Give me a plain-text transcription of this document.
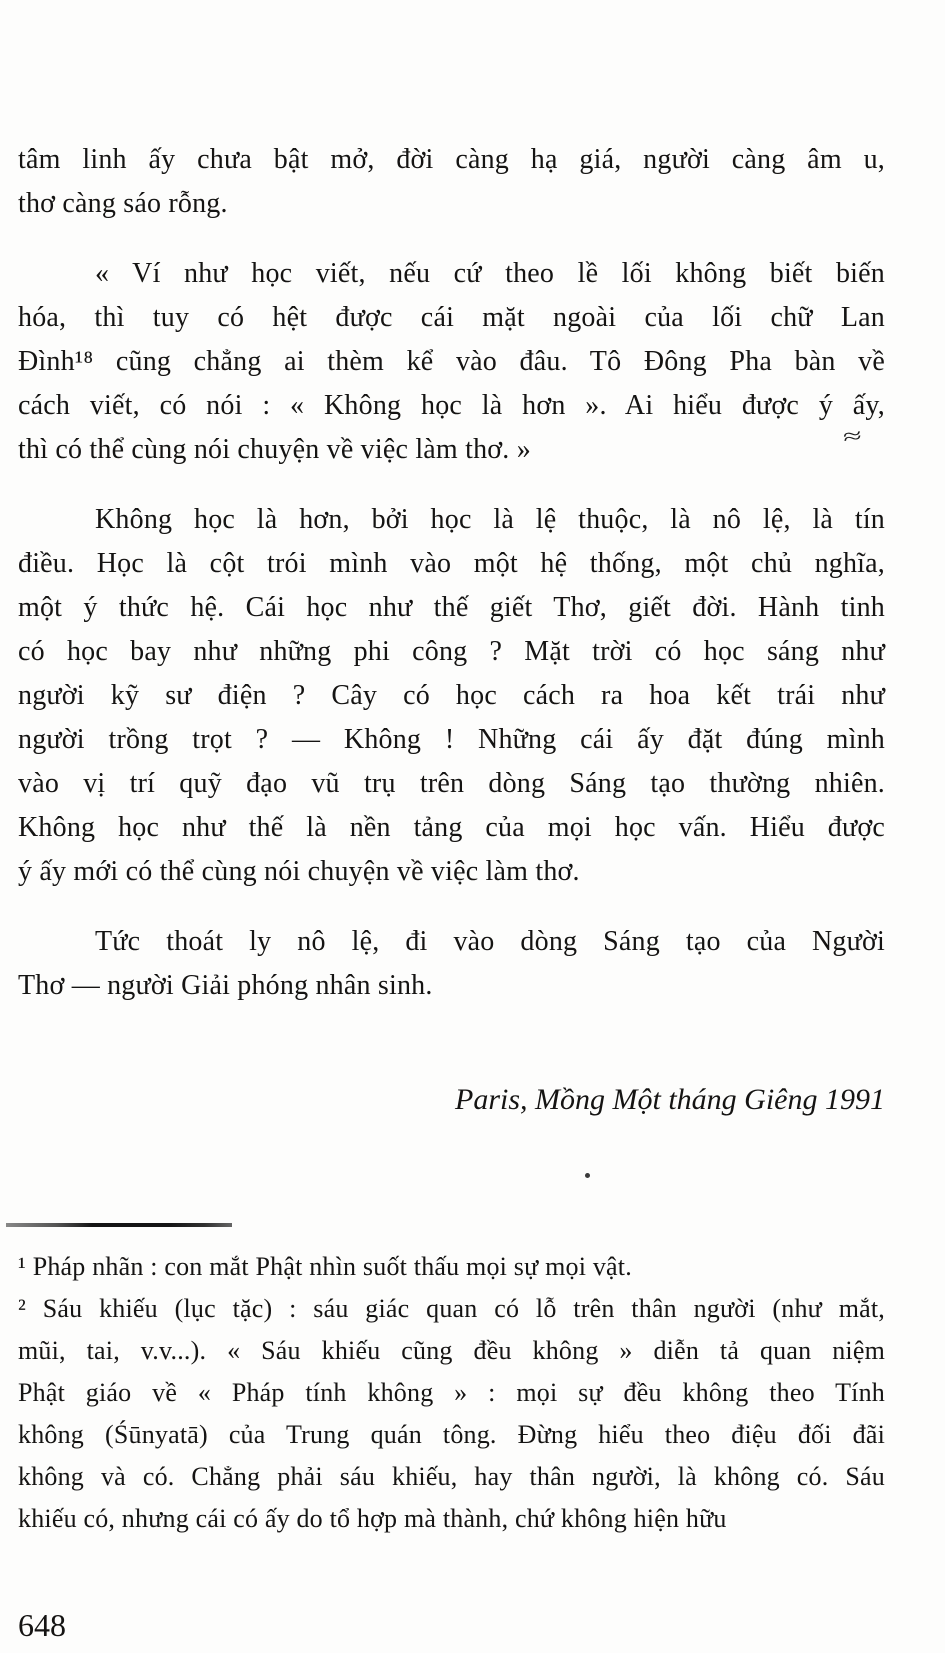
tâm linh ấy chưa bật mở, đời càng hạ giá, người càng âm u,
thơ càng sáo rỗng.
« Ví như học viết, nếu cứ theo lề lối không biết biến
hóa, thì tuy có hệt được cái mặt ngoài của lối chữ Lan
Đình¹⁸ cũng chẳng ai thèm kể vào đâu. Tô Đông Pha bàn về
cách viết, có nói : « Không học là hơn ». Ai hiểu được ý ấy,
thì có thể cùng nói chuyện về việc làm thơ. »
Không học là hơn, bởi học là lệ thuộc, là nô lệ, là tín
điều. Học là cột trói mình vào một hệ thống, một chủ nghĩa,
một ý thức hệ. Cái học như thế giết Thơ, giết đời. Hành tinh
có học bay như những phi công ? Mặt trời có học sáng như
người kỹ sư điện ? Cây có học cách ra hoa kết trái như
người trồng trọt ? — Không ! Những cái ấy đặt đúng mình
vào vị trí quỹ đạo vũ trụ trên dòng Sáng tạo thường nhiên.
Không học như thế là nền tảng của mọi học vấn. Hiểu được
ý ấy mới có thể cùng nói chuyện về việc làm thơ.
Tức thoát ly nô lệ, đi vào dòng Sáng tạo của Người
Thơ — người Giải phóng nhân sinh.
≈
Paris, Mồng Một tháng Giêng 1991
¹ Pháp nhãn : con mắt Phật nhìn suốt thấu mọi sự mọi vật.
² Sáu khiếu (lục tặc) : sáu giác quan có lỗ trên thân người (như mắt,
mũi, tai, v.v...). « Sáu khiếu cũng đều không » diễn tả quan niệm
Phật giáo về « Pháp tính không » : mọi sự đều không theo Tính
không (Śūnyatā) của Trung quán tông. Đừng hiểu theo điệu đối đãi
không và có. Chẳng phải sáu khiếu, hay thân người, là không có. Sáu
khiếu có, nhưng cái có ấy do tổ hợp mà thành, chứ không hiện hữu
648
